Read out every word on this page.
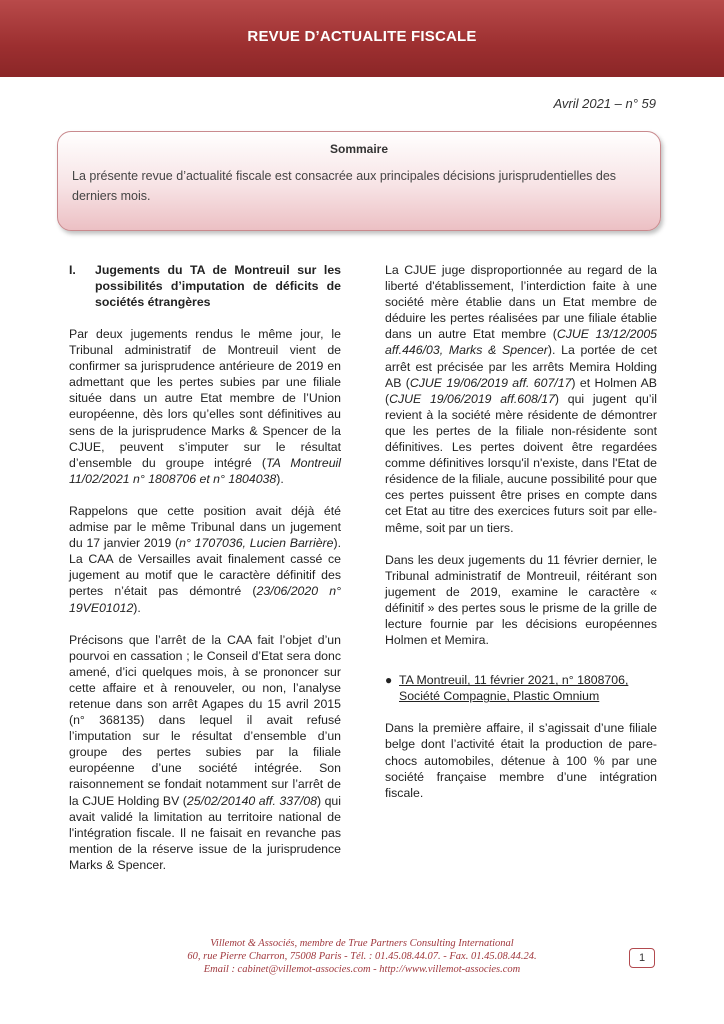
REVUE D’ACTUALITE FISCALE
Avril 2021 – n° 59
Sommaire
La présente revue d’actualité fiscale est consacrée aux principales décisions jurisprudentielles des derniers mois.
I.	Jugements du TA de Montreuil sur les possibilités d’imputation de déficits de sociétés étrangères

Par deux jugements rendus le même jour, le Tribunal administratif de Montreuil vient de confirmer sa jurisprudence antérieure de 2019 en admettant que les pertes subies par une filiale située dans un autre Etat membre de l’Union européenne, dès lors qu’elles sont définitives au sens de la jurisprudence Marks & Spencer de la CJUE, peuvent s’imputer sur le résultat d’ensemble du groupe intégré (TA Montreuil 11/02/2021 n° 1808706 et n° 1804038).

Rappelons que cette position avait déjà été admise par le même Tribunal dans un jugement du 17 janvier 2019 (n° 1707036, Lucien Barrière). La CAA de Versailles avait finalement cassé ce jugement au motif que le caractère définitif des pertes n’était pas démontré (23/06/2020 n° 19VE01012).

Précisons que l’arrêt de la CAA fait l’objet d’un pourvoi en cassation ; le Conseil d’Etat sera donc amené, d’ici quelques mois, à se prononcer sur cette affaire et à renouveler, ou non, l’analyse retenue dans son arrêt Agapes du 15 avril 2015 (n° 368135) dans lequel il avait refusé l’imputation sur le résultat d’ensemble d’un groupe des pertes subies par la filiale européenne d’une société intégrée. Son raisonnement se fondait notamment sur l’arrêt de la CJUE Holding BV (25/02/20140 aff. 337/08) qui avait validé la limitation au territoire national de l'intégration fiscale. Il ne faisait en revanche pas mention de la réserve issue de la jurisprudence Marks & Spencer.

La CJUE juge disproportionnée au regard de la liberté d'établissement, l’interdiction faite à une société mère établie dans un Etat membre de déduire les pertes réalisées par une filiale établie dans un autre Etat membre (CJUE 13/12/2005 aff.446/03, Marks & Spencer). La portée de cet arrêt est précisée par les arrêts Memira Holding AB (CJUE 19/06/2019 aff. 607/17) et Holmen AB (CJUE 19/06/2019 aff.608/17) qui jugent qu’il revient à la société mère résidente de démontrer que les pertes de la filiale non-résidente sont définitives. Les pertes doivent être regardées comme définitives lorsqu'il n'existe, dans l'Etat de résidence de la filiale, aucune possibilité pour que ces pertes puissent être prises en compte dans cet Etat au titre des exercices futurs soit par elle-même, soit par un tiers.

Dans les deux jugements du 11 février dernier, le Tribunal administratif de Montreuil, réitérant son jugement de 2019, examine le caractère « définitif » des pertes sous le prisme de la grille de lecture fournie par les décisions européennes Holmen et Memira.

● TA Montreuil, 11 février 2021, n° 1808706, Société Compagnie, Plastic Omnium

Dans la première affaire, il s’agissait d’une filiale belge dont l’activité était la production de pare-chocs automobiles, détenue à 100 % par une société française membre d’une intégration fiscale.

Villemot & Associés, membre de True Partners Consulting International
60, rue Pierre Charron, 75008 Paris - Tél. : 01.45.08.44.07. - Fax. 01.45.08.44.24.
Email : cabinet@villemot-associes.com - http://www.villemot-associes.com
1
